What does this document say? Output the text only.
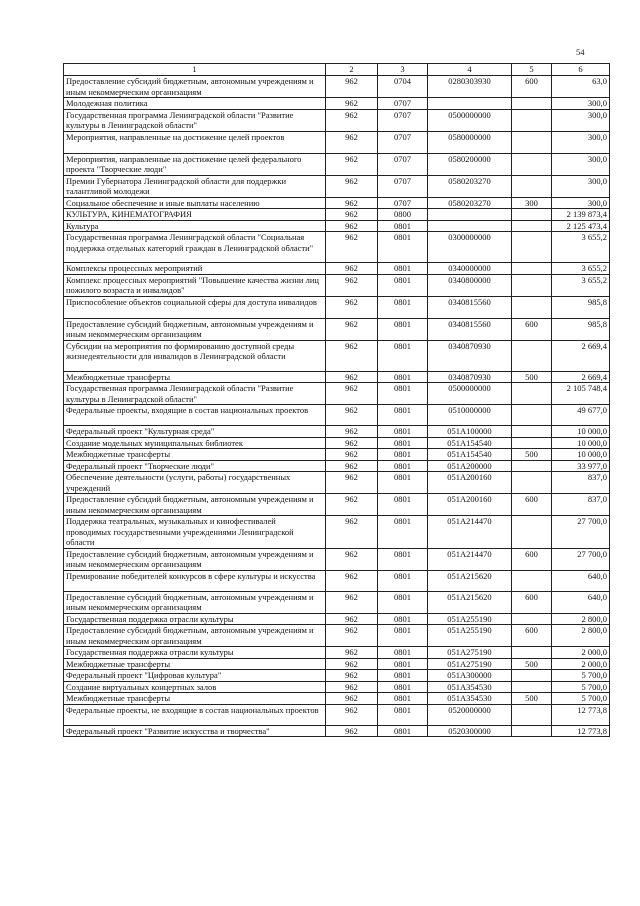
54
1	2	3	4	5	6
Предоставление субсидий бюджетным, автономным учреждениям и иным некоммерческим организациям	962	0704	0280303930	600	63,0
Молодежная политика	962	0707			300,0
Государственная программа Ленинградской области "Развитие культуры в Ленинградской области"	962	0707	0500000000		300,0
Мероприятия, направленные на достижение целей проектов	962	0707	0580000000		300,0
Мероприятия, направленные на достижение целей федерального проекта "Творческие люди"	962	0707	0580200000		300,0
Премии Губернатора Ленинградской области для поддержки талантливой молодежи	962	0707	0580203270		300,0
Социальное обеспечение и иные выплаты населению	962	0707	0580203270	300	300,0
КУЛЬТУРА, КИНЕМАТОГРАФИЯ	962	0800			2 139 873,4
Культура	962	0801			2 125 473,4
Государственная программа Ленинградской области "Социальная поддержка отдельных категорий граждан в Ленинградской области"	962	0801	0300000000		3 655,2
Комплексы процессных мероприятий	962	0801	0340000000		3 655,2
Комплекс процессных мероприятий "Повышение качества жизни лиц пожилого возраста и инвалидов"	962	0801	0340800000		3 655,2
Приспособление объектов социальной сферы для доступа инвалидов	962	0801	0340815560		985,8
Предоставление субсидий бюджетным, автономным учреждениям и иным некоммерческим организациям	962	0801	0340815560	600	985,8
Субсидии на мероприятия по формированию доступной среды жизнедеятельности для инвалидов в Ленинградской области	962	0801	0340870930		2 669,4
Межбюджетные трансферты	962	0801	0340870930	500	2 669,4
Государственная программа Ленинградской области "Развитие культуры в Ленинградской области"	962	0801	0500000000		2 105 748,4
Федеральные проекты, входящие в состав национальных проектов	962	0801	0510000000		49 677,0
Федеральный проект "Культурная среда"	962	0801	051A100000		10 000,0
Создание модельных муниципальных библиотек	962	0801	051A154540		10 000,0
Межбюджетные трансферты	962	0801	051A154540	500	10 000,0
Федеральный проект "Творческие люди"	962	0801	051A200000		33 977,0
Обеспечение деятельности (услуги, работы) государственных учреждений	962	0801	051A200160		837,0
Предоставление субсидий бюджетным, автономным учреждениям и иным некоммерческим организациям	962	0801	051A200160	600	837,0
Поддержка театральных, музыкальных и кинофестивалей проводимых государственными учреждениями Ленинградской области	962	0801	051A214470		27 700,0
Предоставление субсидий бюджетным, автономным учреждениям и иным некоммерческим организациям	962	0801	051A214470	600	27 700,0
Премирование победителей конкурсов в сфере культуры и искусства	962	0801	051A215620		640,0
Предоставление субсидий бюджетным, автономным учреждениям и иным некоммерческим организациям	962	0801	051A215620	600	640,0
Государственная поддержка отрасли культуры	962	0801	051A255190		2 800,0
Предоставление субсидий бюджетным, автономным учреждениям и иным некоммерческим организациям	962	0801	051A255190	600	2 800,0
Государственная поддержка отрасли культуры	962	0801	051A275190		2 000,0
Межбюджетные трансферты	962	0801	051A275190	500	2 000,0
Федеральный проект "Цифровая культура"	962	0801	051A300000		5 700,0
Создание виртуальных концертных залов	962	0801	051A354530		5 700,0
Межбюджетные трансферты	962	0801	051A354530	500	5 700,0
Федеральные проекты, не входящие в состав национальных проектов	962	0801	0520000000		12 773,8
Федеральный проект "Развитие искусства и творчества"	962	0801	0520300000		12 773,8
